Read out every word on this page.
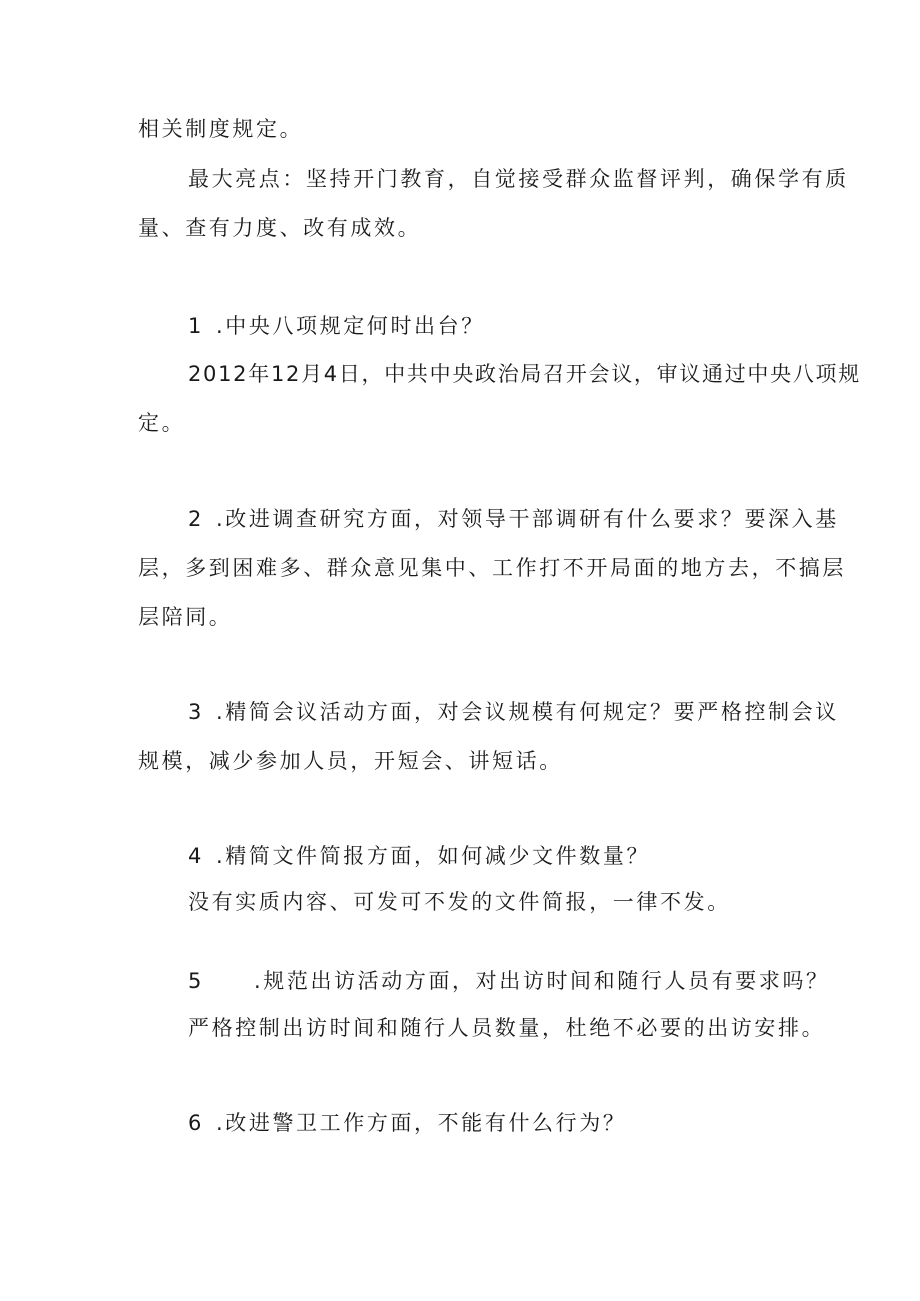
相关制度规定。
最大亮点：坚持开门教育，自觉接受群众监督评判，确保学有质
量、查有力度、改有成效。
1 .中央八项规定何时出台？
2012年12月4日，中共中央政治局召开会议，审议通过中央八项规
定。
2 .改进调查研究方面，对领导干部调研有什么要求？要深入基
层，多到困难多、群众意见集中、工作打不开局面的地方去，不搞层
层陪同。
3 .精简会议活动方面，对会议规模有何规定？要严格控制会议
规模，减少参加人员，开短会、讲短话。
4 .精简文件简报方面，如何减少文件数量？
没有实质内容、可发可不发的文件简报，一律不发。
5 .规范出访活动方面，对出访时间和随行人员有要求吗？
严格控制出访时间和随行人员数量，杜绝不必要的出访安排。
6 .改进警卫工作方面，不能有什么行为？
